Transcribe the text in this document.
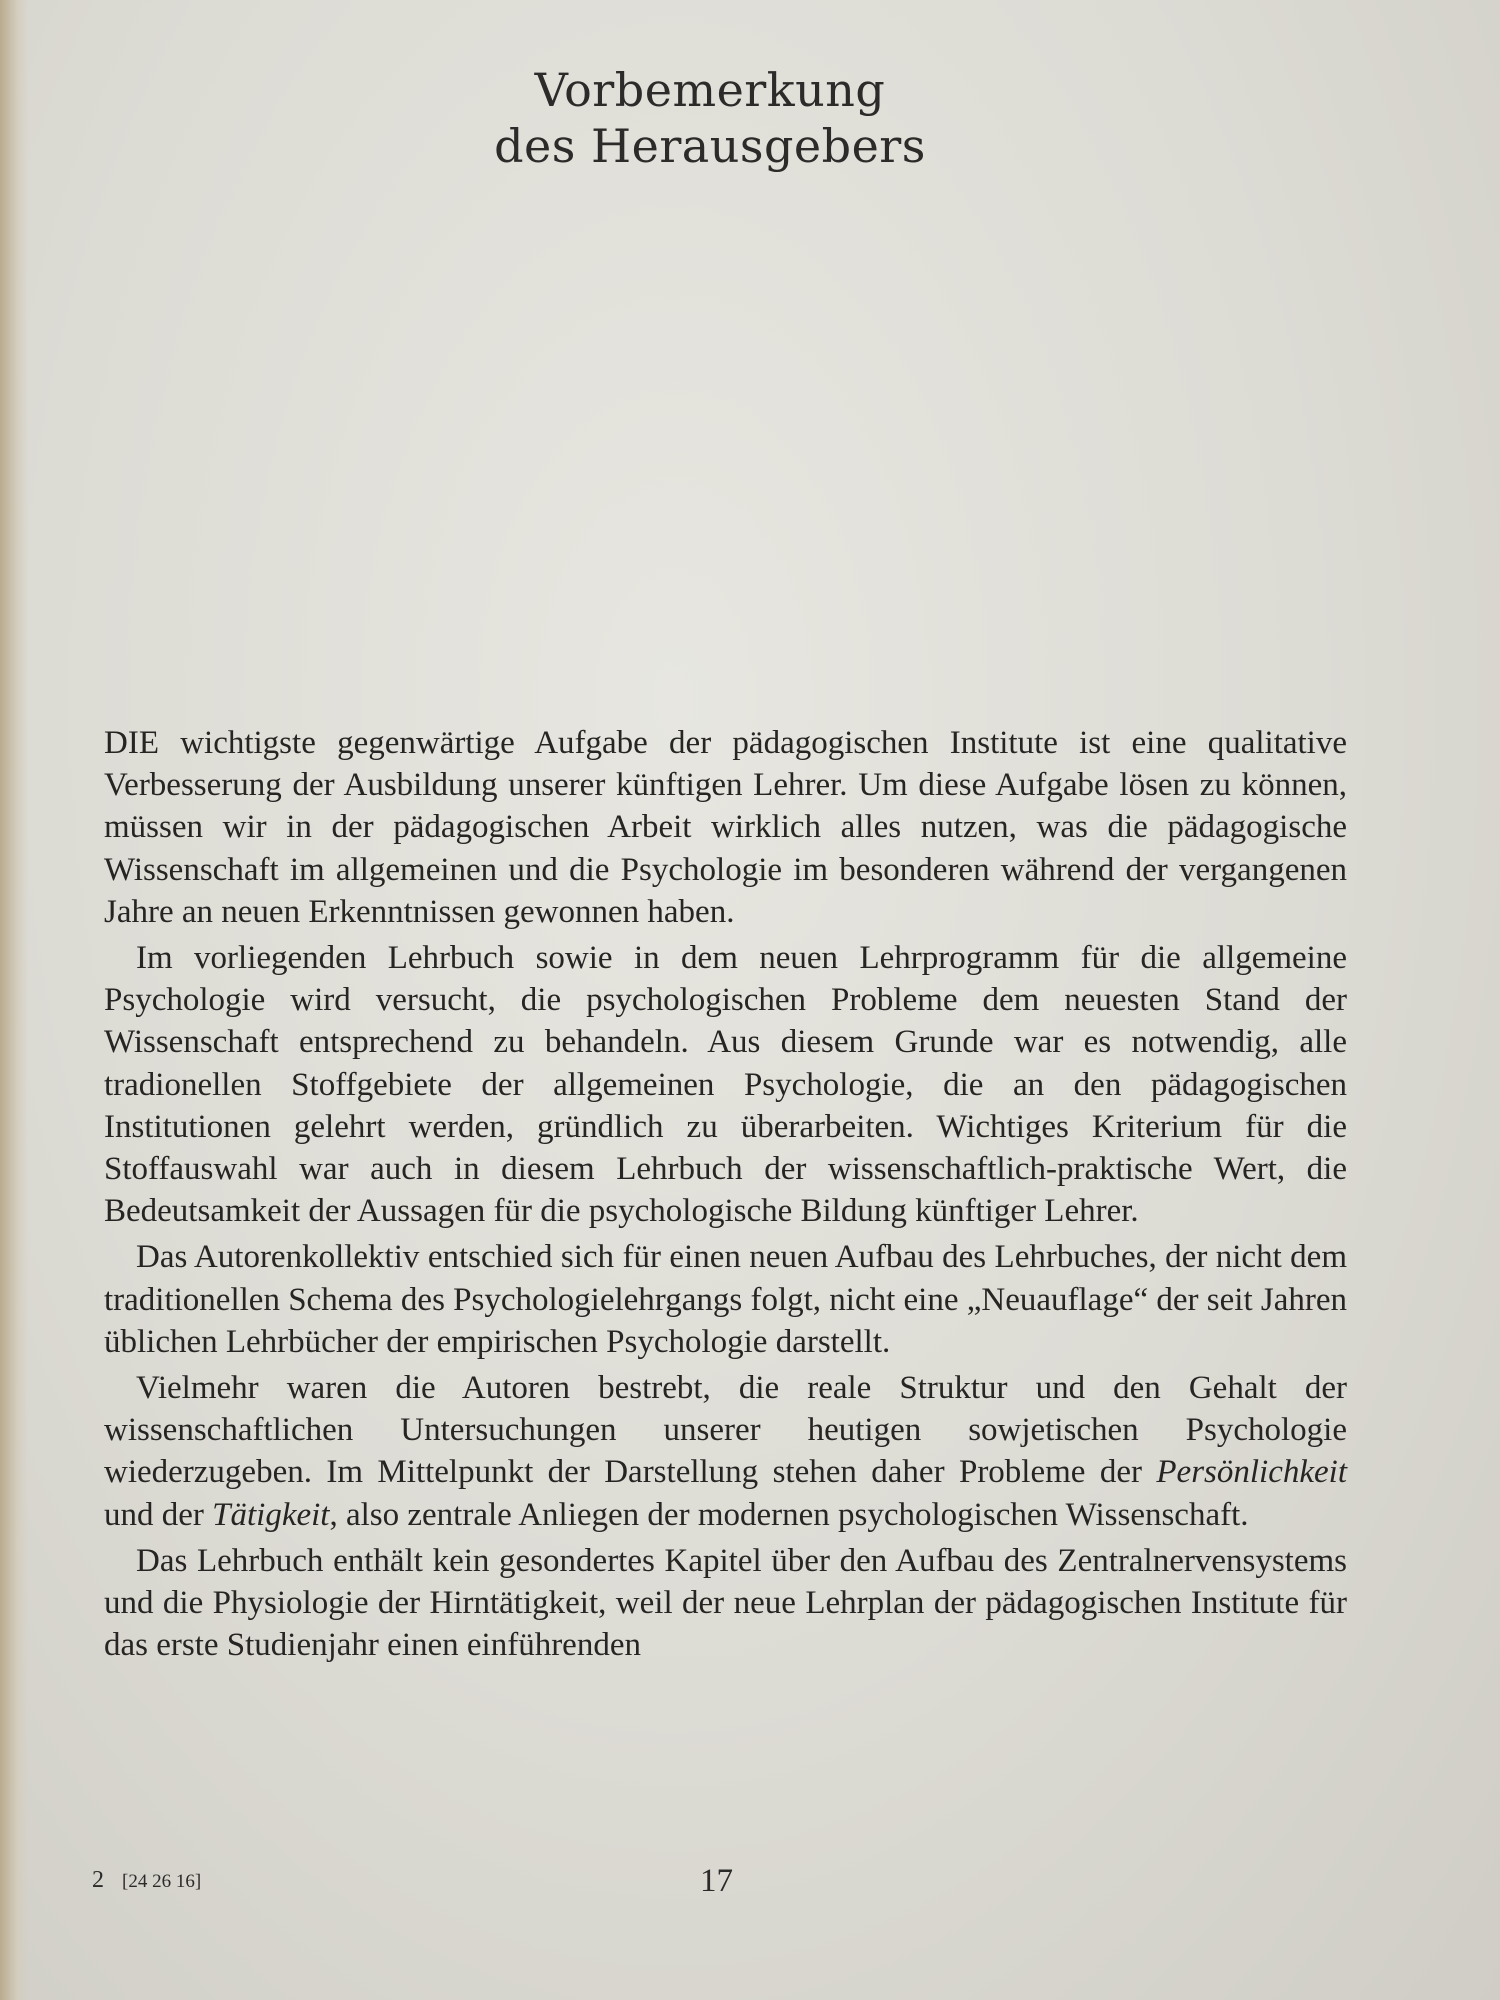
Vorbemerkung
des Herausgebers

DIE wichtigste gegenwärtige Aufgabe der pädagogischen Institute ist eine qualitative Verbesserung der Ausbildung unserer künftigen Lehrer. Um diese Aufgabe lösen zu können, müssen wir in der pädagogischen Arbeit wirklich alles nutzen, was die pädagogische Wissenschaft im allgemeinen und die Psychologie im besonderen während der vergangenen Jahre an neuen Erkenntnissen gewonnen haben.

Im vorliegenden Lehrbuch sowie in dem neuen Lehrprogramm für die allgemeine Psychologie wird versucht, die psychologischen Probleme dem neuesten Stand der Wissenschaft entsprechend zu behandeln. Aus diesem Grunde war es notwendig, alle tradionellen Stoffgebiete der allgemeinen Psychologie, die an den pädagogischen Institutionen gelehrt werden, gründlich zu überarbeiten. Wichtiges Kriterium für die Stoffauswahl war auch in diesem Lehrbuch der wissenschaftlich-praktische Wert, die Bedeutsamkeit der Aussagen für die psychologische Bildung künftiger Lehrer.

Das Autorenkollektiv entschied sich für einen neuen Aufbau des Lehrbuches, der nicht dem traditionellen Schema des Psychologielehrgangs folgt, nicht eine „Neuauflage“ der seit Jahren üblichen Lehrbücher der empirischen Psychologie darstellt.

Vielmehr waren die Autoren bestrebt, die reale Struktur und den Gehalt der wissenschaftlichen Untersuchungen unserer heutigen sowjetischen Psychologie wiederzugeben. Im Mittelpunkt der Darstellung stehen daher Probleme der Persönlichkeit und der Tätigkeit, also zentrale Anliegen der modernen psychologischen Wissenschaft.

Das Lehrbuch enthält kein gesondertes Kapitel über den Aufbau des Zentralnervensystems und die Physiologie der Hirntätigkeit, weil der neue Lehrplan der pädagogischen Institute für das erste Studienjahr einen einführenden

2 [24 26 16]	17
